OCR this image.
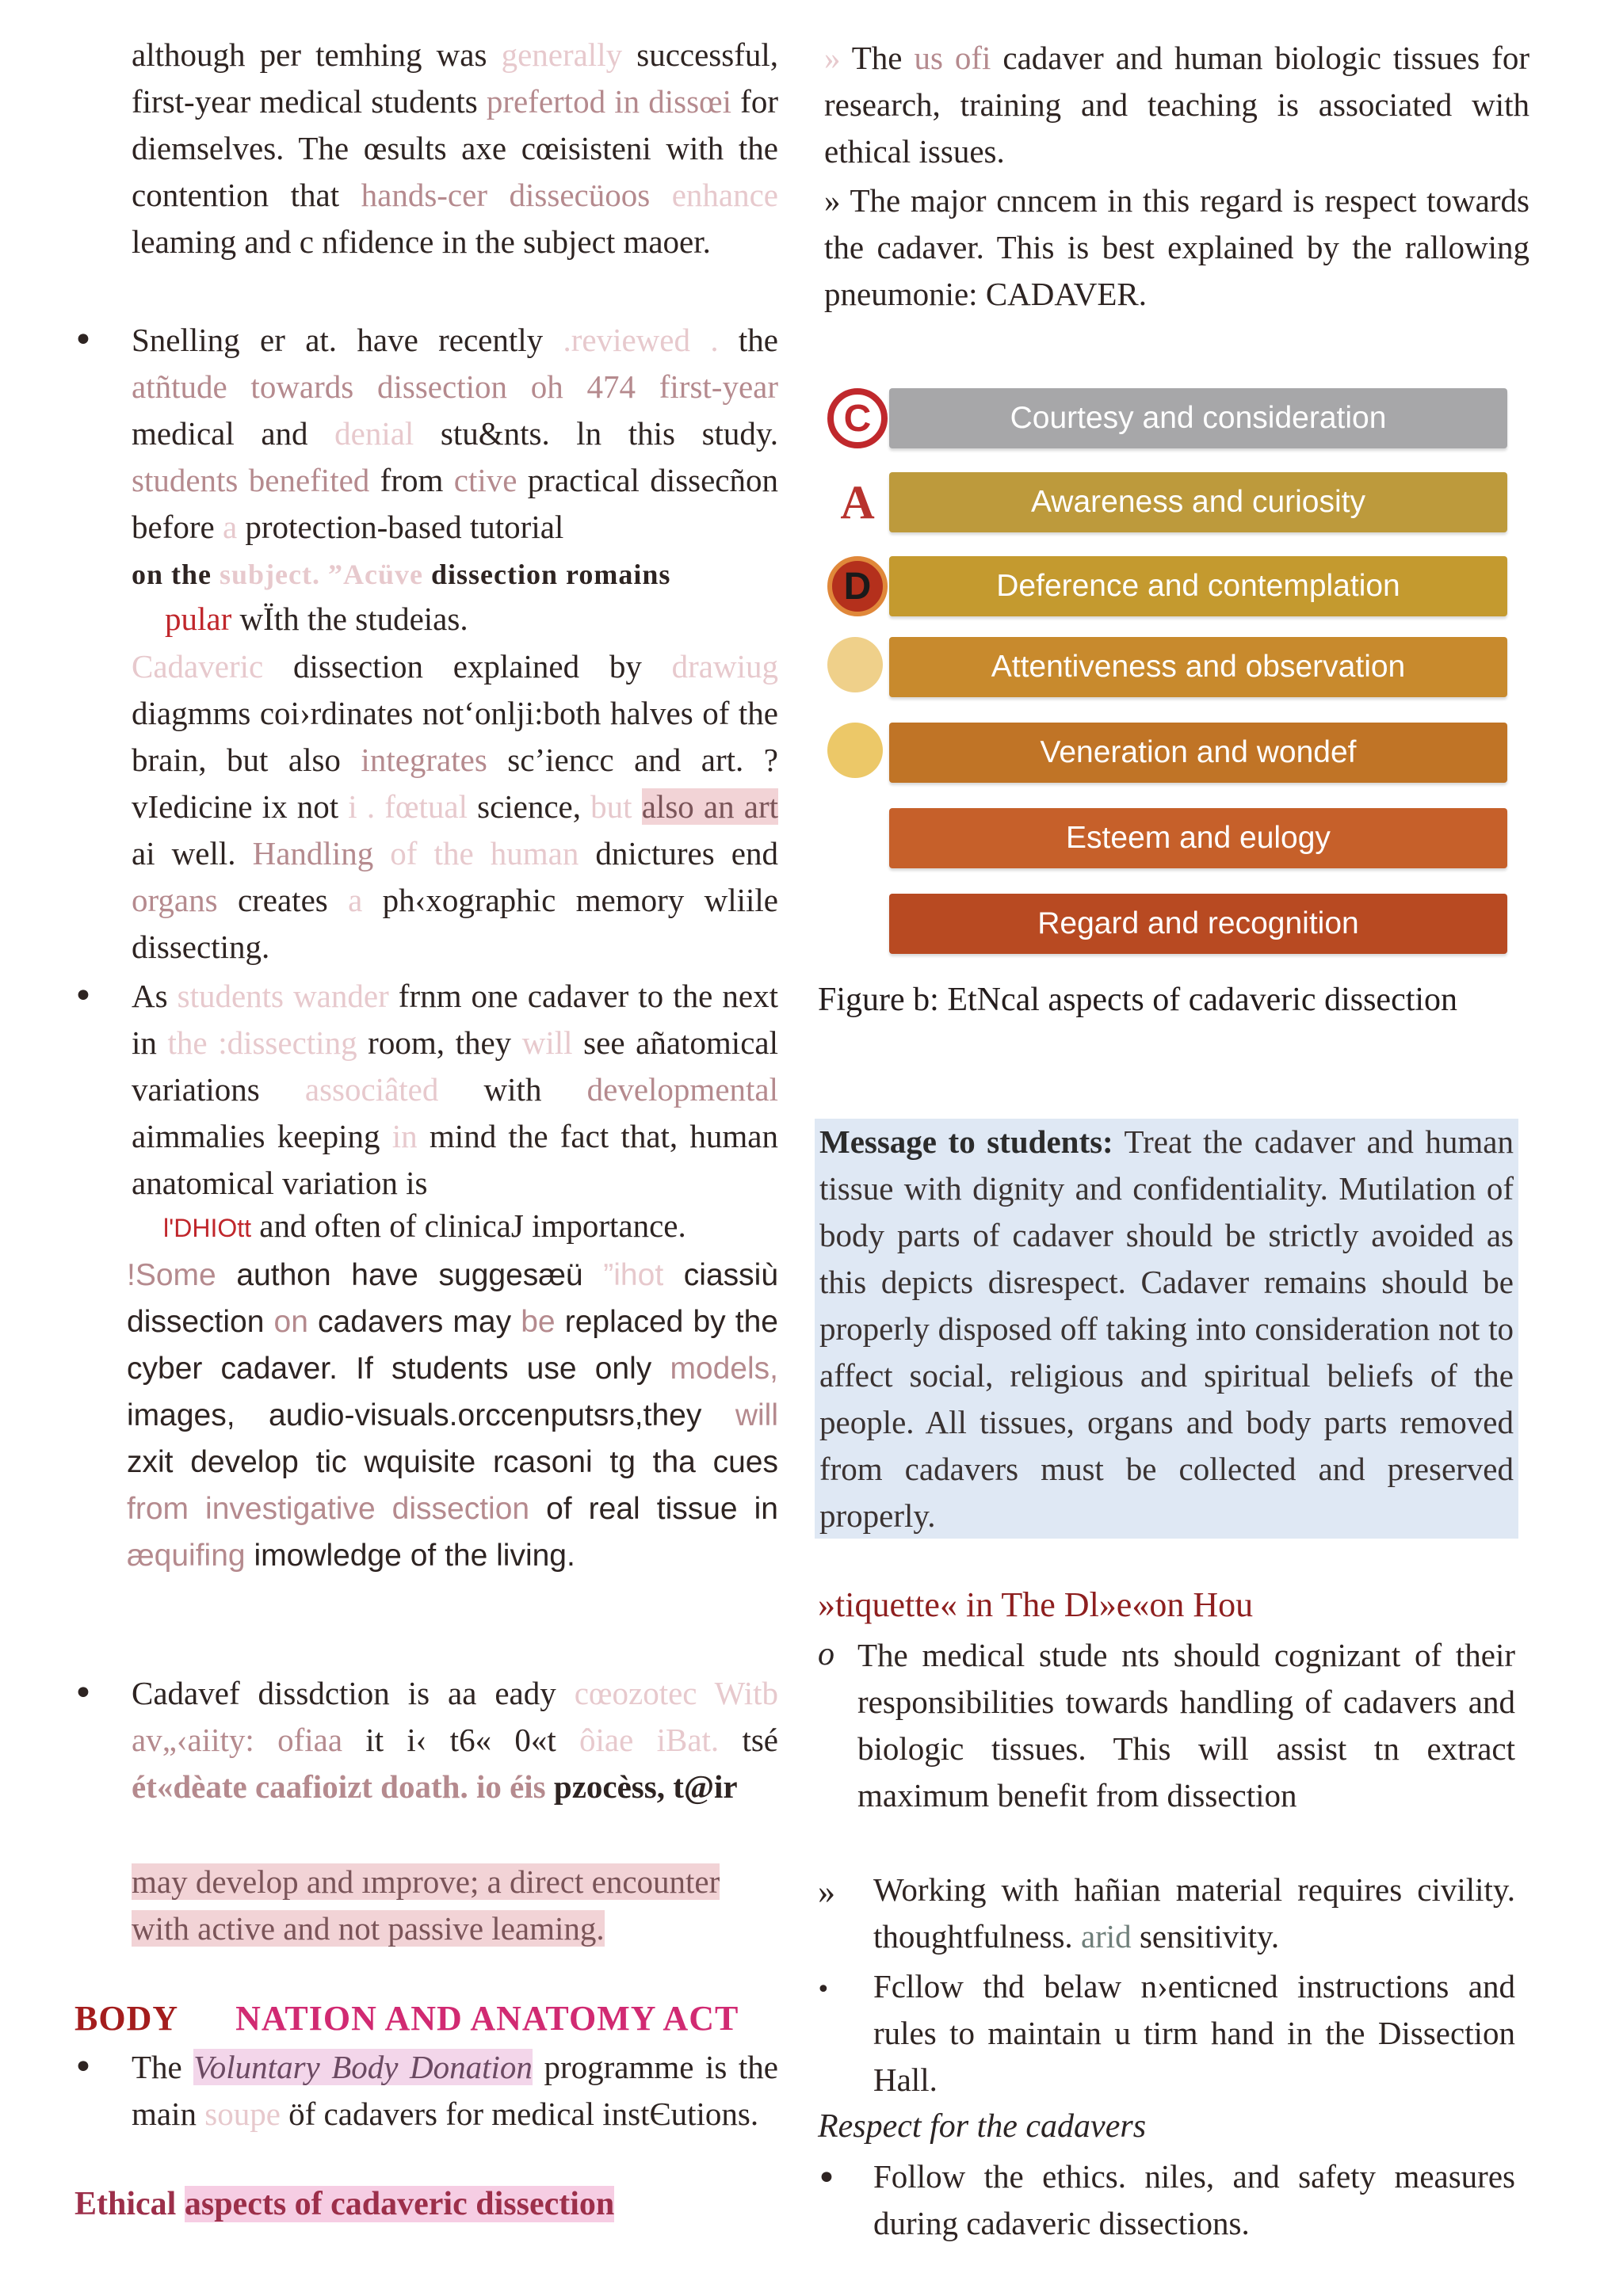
although per temhing was generally successful, first-year medical students prefertod in dissœi for diemselves. The œsults axe cœisisteni with the contention that hands-cer dissecüoos enhance leaming and c nfidence in the subject maoer.

• Snelling er at. have recently .reviewed . the atñtude towards dissection oh 474 first-year medical and denial stu&nts. ln this study. students benefited from ctive practical disseсñon before a protection-based tutorial

on the subject. ”Acüve dissection romains

pular wЇth the studeias.

Cadaveric dissection explained by drawiug diagmms coi›rdinates not‘onlji:both halves of the brain, but also integrates sc’iencc and art. ?vIedicine ix not i . fœtual science, but also an art ai well. Handling of the human dnictures end organs creates a ph‹xographic memory wliile dissecting.

• As students wander frnm one cadaver to the next in the :dissecting room, they will see añatomical variations associâted with developmental aimmalies keeping in mind the fact that, human anatomical variation is

l'DHIOtt and often of clinicaJ importance.

!Some authon have suggesæü ”ihot ciassiù dissection on cadavers may be replaced by the cyber cadaver. If students use only models, images, audio-visuals.orccenputsrs,they will zxit develop tic wquisite rcasoni tg tha cues from investigative dissection of real tissue in æquifing imowledge of the living.

• Cadavef dissdction is aa eady cœozotec Witb av„‹aiity: ofiaa it i‹ t6« 0«t ôiae iBat. tsé ét«dèate caafioizt doath. io éis pzocèss, t@ir

may develop and ımprove; a direct encounter
with active and not passive leaming.

BODY NATION AND ANATOMY ACT
• The Voluntary Body Donation programme is the main soupe öf cadavers for medical instЄutions.

Ethical aspects of cadaveric dissection

» The us ofi cadaver and human biologic tissues for research, training and teaching is associated with ethical issues.

» The major cnncem in this regard is respect towards the cadaver. This is best explained by the rallowing pneumonie: CADAVER.

C	Courtesy and consideration
A	Awareness and curiosity
D	Deference and contemplation
Attentiveness and observation
Veneration and wondef
Esteem and eulogy
Regard and recognition
Figure b: EtNcal aspects of cadaveric dissection
Message to students: Treat the cadaver and human tissue with dignity and confidentiality. Mutilation of body parts of cadaver should be strictly avoided as this depicts disrespect. Cadaver remains should be properly disposed off taking into consideration not to affect social, religious and spiritual beliefs of the people. All tissues, organs and body parts removed from cadavers must be collected and preserved properly.
»tiquette« in The Dl»e«on Hou
o The medical stude nts should cognizant of their responsibilities towards handling of cadavers and biologic tissues. This will assist tn extract maximum benefit from dissection

» Working with hañian material requires civility. thoughtfulness. arid sensitivity.

• Fcllow thd belaw n›enticned instructions and rules to maintain u tirm hand in the Dissection Hall.

Respect for the cadavers
• Follow the ethics. niles, and safety measures during cadaveric dissections.
